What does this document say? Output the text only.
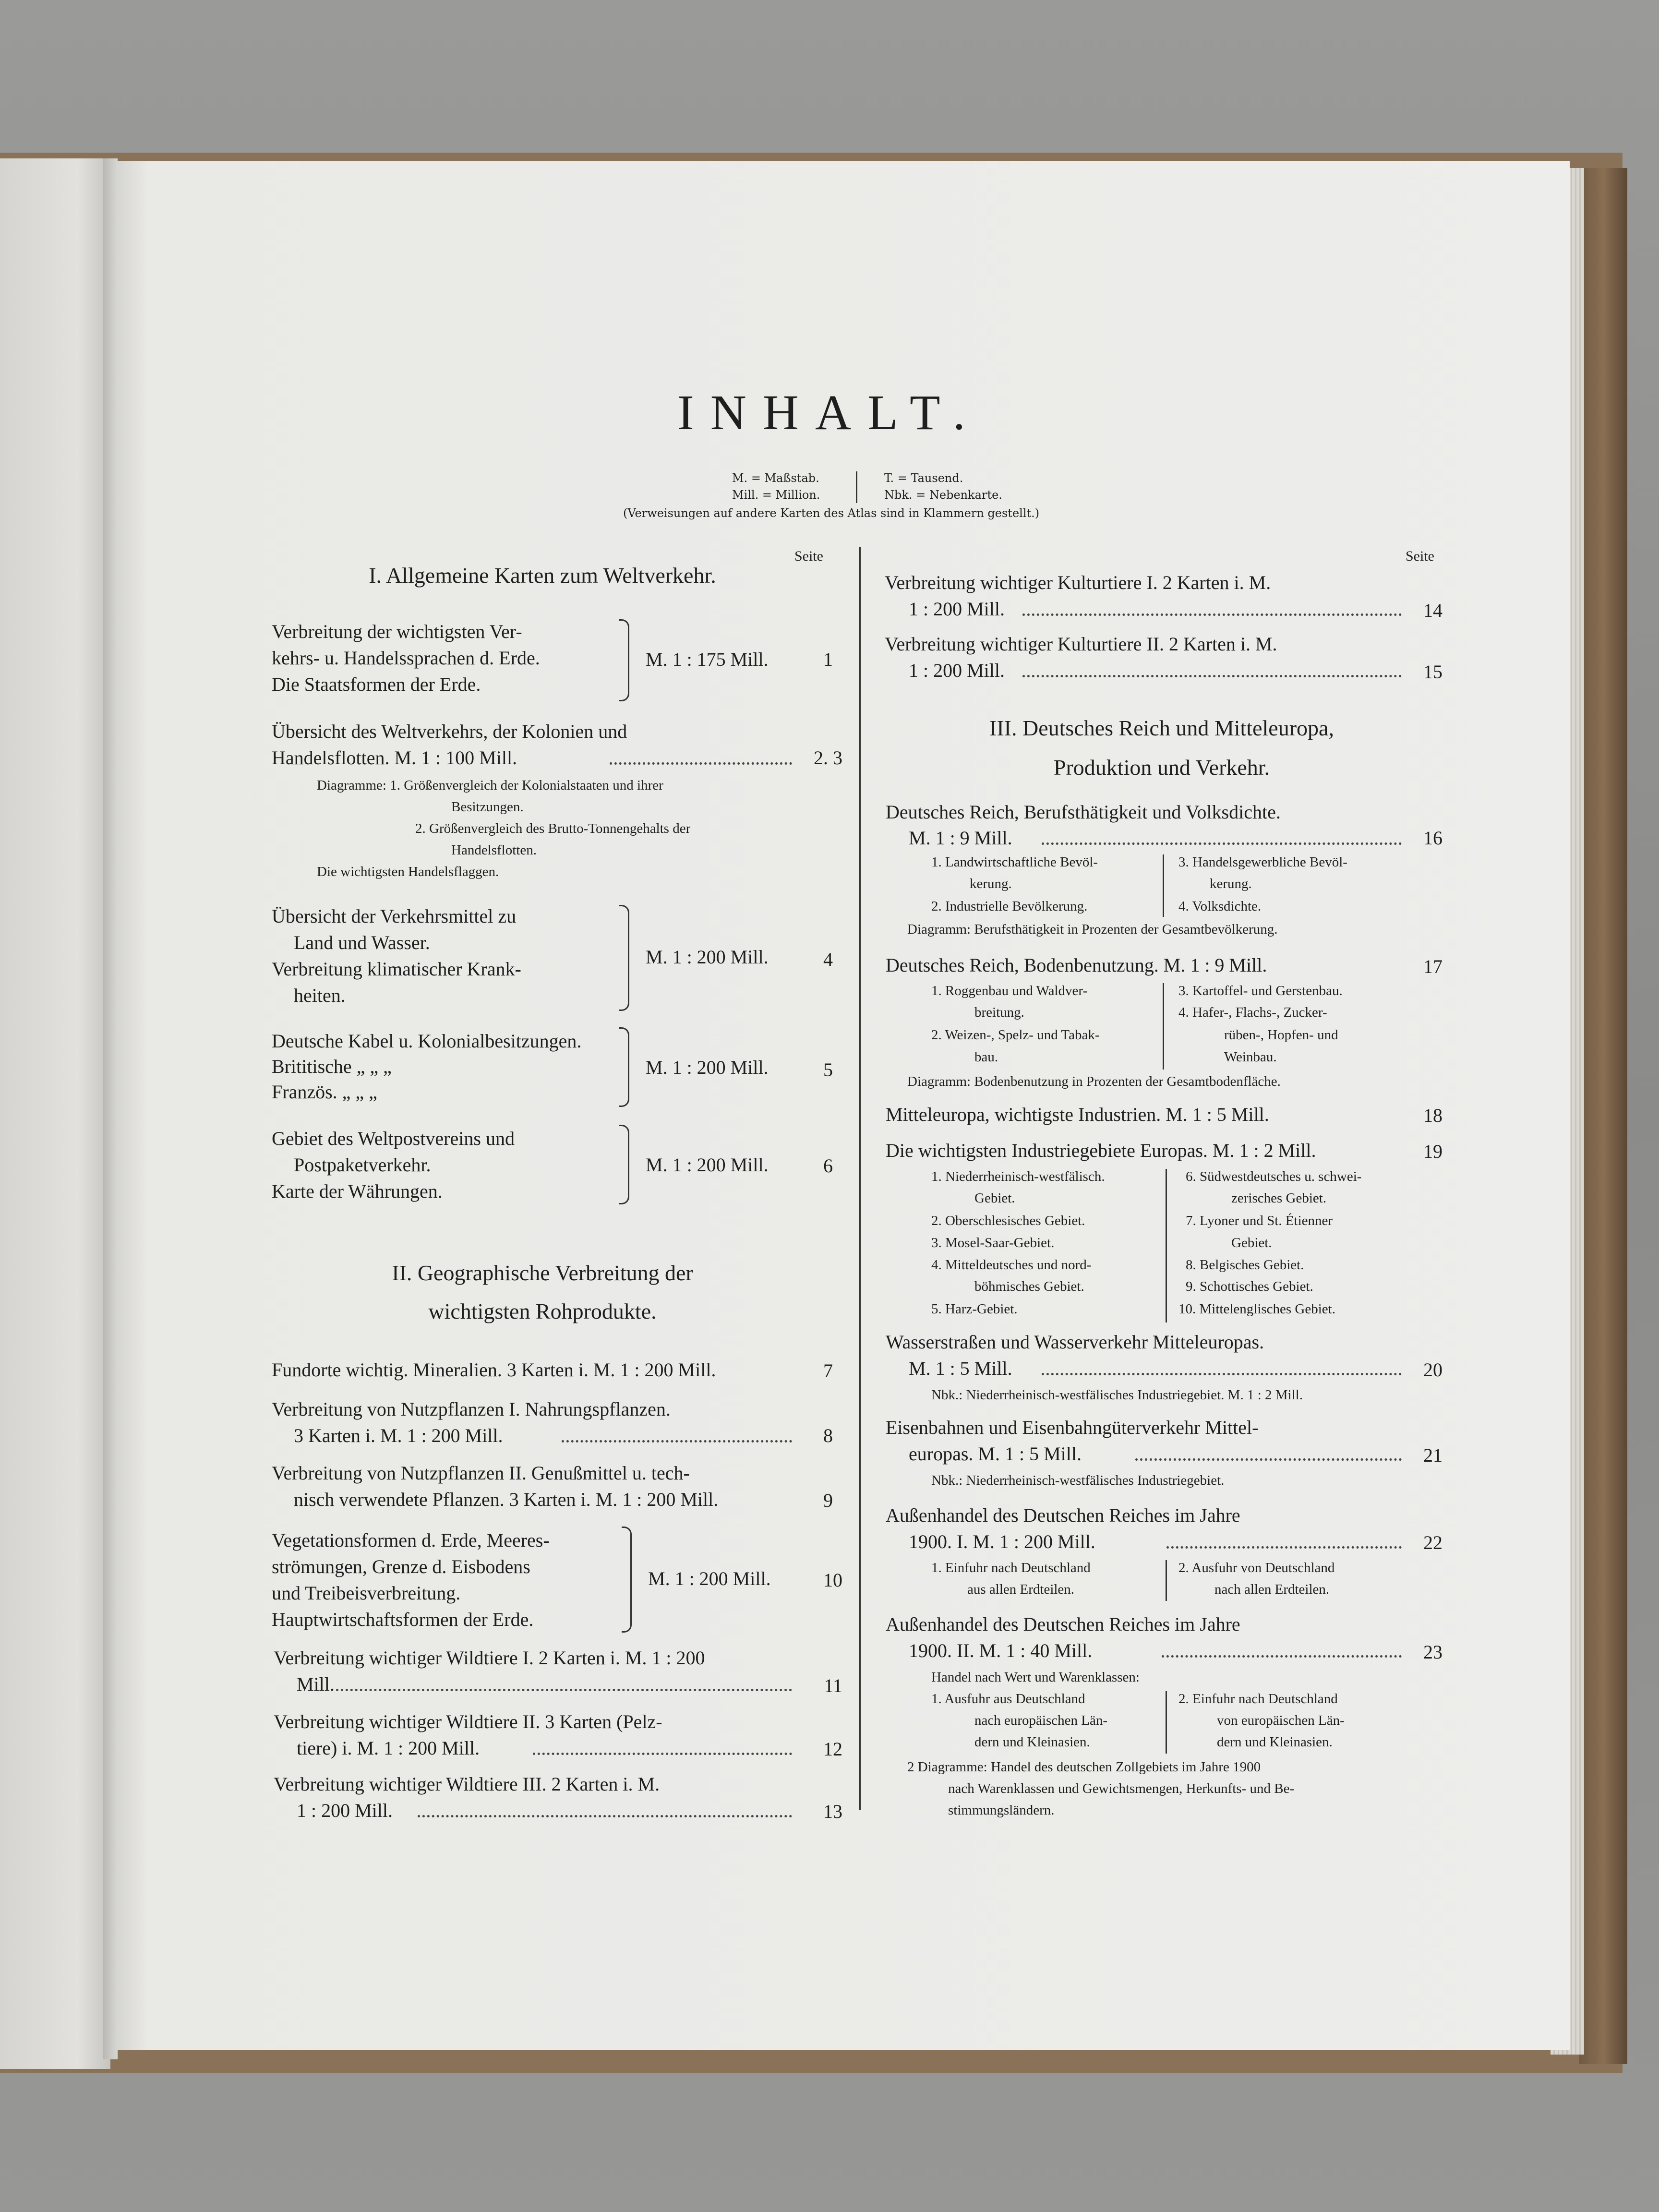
INHALT.
M. = Maßstab.
Mill. = Million.
T. = Tausend.
Nbk. = Nebenkarte.
(Verweisungen auf andere Karten des Atlas sind in Klammern gestellt.)
Seite
I. Allgemeine Karten zum Weltverkehr.
Verbreitung der wichtigsten Ver-
kehrs- u. Handelssprachen d. Erde.
Die Staatsformen der Erde.
M. 1 : 175 Mill.	1
Übersicht des Weltverkehrs, der Kolonien und
Handelsflotten. M. 1 : 100 Mill.	2. 3
Diagramme: 1. Größenvergleich der Kolonialstaaten und ihrer
Besitzungen.
2. Größenvergleich des Brutto-Tonnengehalts der
Handelsflotten.
Die wichtigsten Handelsflaggen.
Übersicht der Verkehrsmittel zu
Land und Wasser.
Verbreitung klimatischer Krank-
heiten.
M. 1 : 200 Mill.	4
Deutsche Kabel u. Kolonialbesitzungen.
Brititische „ „ „
Französ. „ „ „
M. 1 : 200 Mill.	5
Gebiet des Weltpostvereins und
Postpaketverkehr.
Karte der Währungen.
M. 1 : 200 Mill.	6
II. Geographische Verbreitung der
wichtigsten Rohprodukte.
Fundorte wichtig. Mineralien. 3 Karten i. M. 1 : 200 Mill.	7
Verbreitung von Nutzpflanzen I. Nahrungspflanzen.
3 Karten i. M. 1 : 200 Mill.	8
Verbreitung von Nutzpflanzen II. Genußmittel u. tech-
nisch verwendete Pflanzen. 3 Karten i. M. 1 : 200 Mill.	9
Vegetationsformen d. Erde, Meeres-
strömungen, Grenze d. Eisbodens
und Treibeisverbreitung.
Hauptwirtschaftsformen der Erde.
M. 1 : 200 Mill.	10
Verbreitung wichtiger Wildtiere I. 2 Karten i. M. 1 : 200
Mill.	11
Verbreitung wichtiger Wildtiere II. 3 Karten (Pelz-
tiere) i. M. 1 : 200 Mill.	12
Verbreitung wichtiger Wildtiere III. 2 Karten i. M.
1 : 200 Mill.	13
Seite
Verbreitung wichtiger Kulturtiere I. 2 Karten i. M.
1 : 200 Mill.	14
Verbreitung wichtiger Kulturtiere II. 2 Karten i. M.
1 : 200 Mill.	15
III. Deutsches Reich und Mitteleuropa,
Produktion und Verkehr.
Deutsches Reich, Berufsthätigkeit und Volksdichte.
M. 1 : 9 Mill.	16
1. Landwirtschaftliche Bevöl-
kerung.
2. Industrielle Bevölkerung.
3. Handelsgewerbliche Bevöl-
kerung.
4. Volksdichte.
Diagramm: Berufsthätigkeit in Prozenten der Gesamtbevölkerung.
Deutsches Reich, Bodenbenutzung. M. 1 : 9 Mill.	17
1. Roggenbau und Waldver-
breitung.
2. Weizen-, Spelz- und Tabak-
bau.
3. Kartoffel- und Gerstenbau.
4. Hafer-, Flachs-, Zucker-
rüben-, Hopfen- und
Weinbau.
Diagramm: Bodenbenutzung in Prozenten der Gesamtbodenfläche.
Mitteleuropa, wichtigste Industrien. M. 1 : 5 Mill.	18
Die wichtigsten Industriegebiete Europas. M. 1 : 2 Mill.	19
1. Niederrheinisch-westfälisch.
Gebiet.
2. Oberschlesisches Gebiet.
3. Mosel-Saar-Gebiet.
4. Mitteldeutsches und nord-
böhmisches Gebiet.
5. Harz-Gebiet.
6. Südwestdeutsches u. schwei-
zerisches Gebiet.
7. Lyoner und St. Étienner
Gebiet.
8. Belgisches Gebiet.
9. Schottisches Gebiet.
10. Mittelenglisches Gebiet.
Wasserstraßen und Wasserverkehr Mitteleuropas.
M. 1 : 5 Mill.	20
Nbk.: Niederrheinisch-westfälisches Industriegebiet. M. 1 : 2 Mill.
Eisenbahnen und Eisenbahngüterverkehr Mittel-
europas. M. 1 : 5 Mill.	21
Nbk.: Niederrheinisch-westfälisches Industriegebiet.
Außenhandel des Deutschen Reiches im Jahre
1900. I. M. 1 : 200 Mill.	22
1. Einfuhr nach Deutschland
aus allen Erdteilen.
2. Ausfuhr von Deutschland
nach allen Erdteilen.
Außenhandel des Deutschen Reiches im Jahre
1900. II. M. 1 : 40 Mill.	23
Handel nach Wert und Warenklassen:
1. Ausfuhr aus Deutschland
nach europäischen Län-
dern und Kleinasien.
2. Einfuhr nach Deutschland
von europäischen Län-
dern und Kleinasien.
2 Diagramme: Handel des deutschen Zollgebiets im Jahre 1900
nach Warenklassen und Gewichtsmengen, Herkunfts- und Be-
stimmungsländern.
